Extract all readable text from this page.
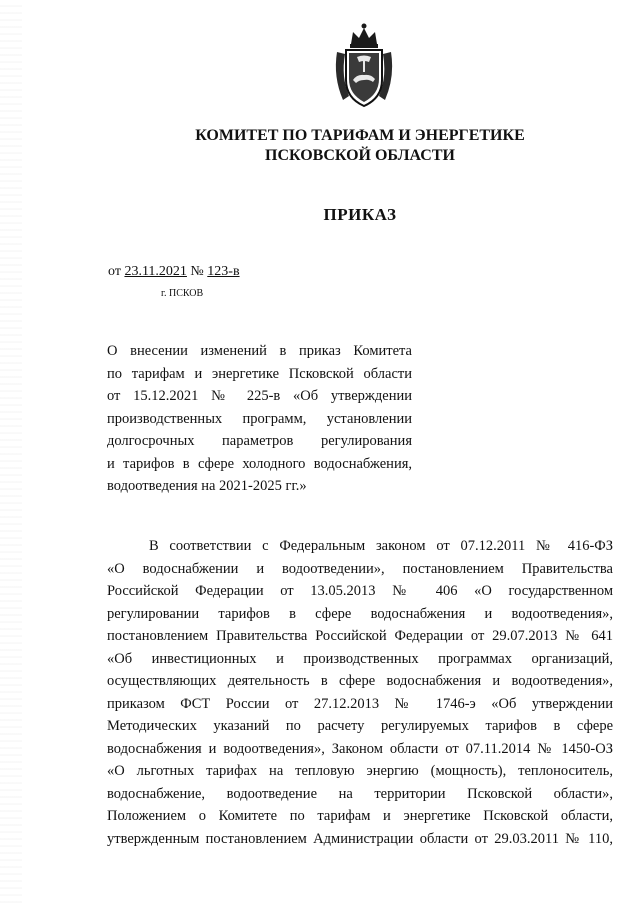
КОМИТЕТ ПО ТАРИФАМ И ЭНЕРГЕТИКЕ
ПСКОВСКОЙ ОБЛАСТИ
ПРИКАЗ
от 23.11.2021 № 123-в
г. ПСКОВ
О внесении изменений в приказ Комитета
по тарифам и энергетике Псковской области
от 15.12.2021 № 225-в «Об утверждении
производственных программ, установлении
долгосрочных параметров регулирования
и тарифов в сфере холодного водоснабжения,
водоотведения на 2021-2025 гг.»
В соответствии с Федеральным законом от 07.12.2011 № 416-ФЗ
«О водоснабжении и водоотведении», постановлением Правительства
Российской Федерации от 13.05.2013 № 406 «О государственном
регулировании тарифов в сфере водоснабжения и водоотведения»,
постановлением Правительства Российской Федерации от 29.07.2013 № 641
«Об инвестиционных и производственных программах организаций,
осуществляющих деятельность в сфере водоснабжения и водоотведения»,
приказом ФСТ России от 27.12.2013 № 1746-э «Об утверждении
Методических указаний по расчету регулируемых тарифов в сфере
водоснабжения и водоотведения», Законом области от 07.11.2014 № 1450-ОЗ
«О льготных тарифах на тепловую энергию (мощность), теплоноситель,
водоснабжение, водоотведение на территории Псковской области»,
Положением о Комитете по тарифам и энергетике Псковской области,
утвержденным постановлением Администрации области от 29.03.2011 № 110,
